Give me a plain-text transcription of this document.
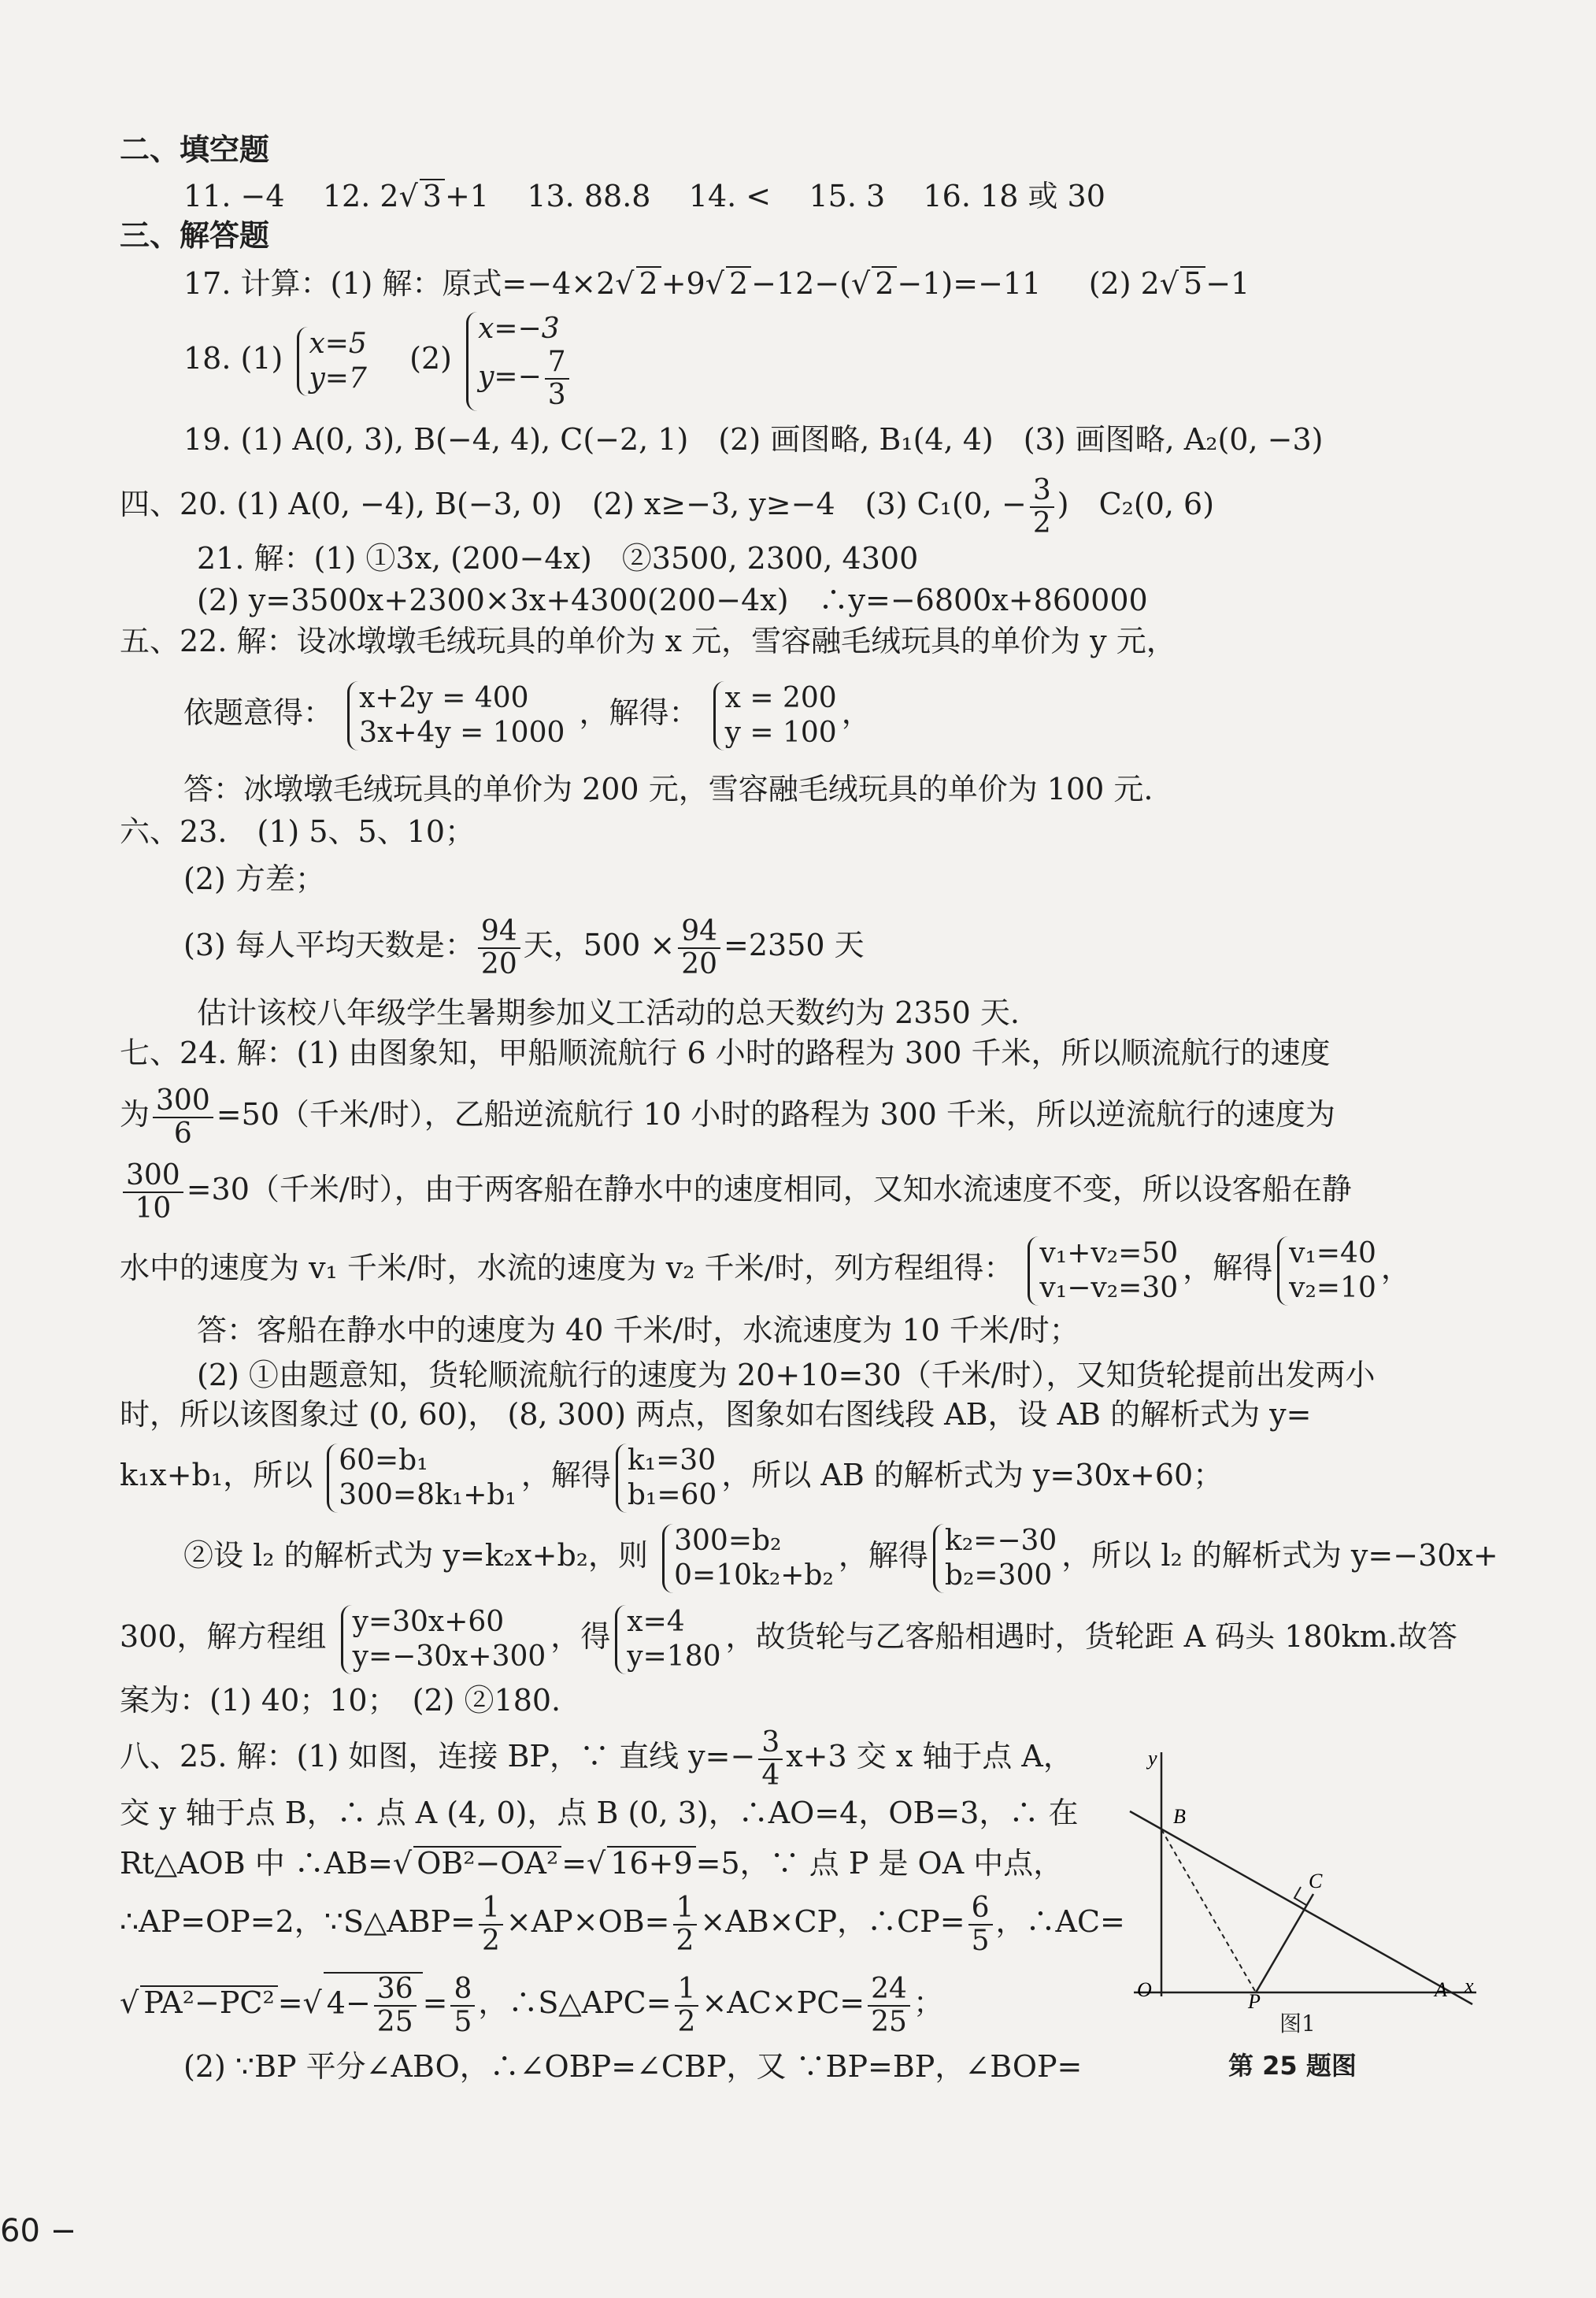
二、填空题
11. −4 12. 2√ 3 +1 13. 88.8 14. < 15. 3 16. 18 或 30
三、解答题
17. 计算：(1) 解：原式=−4×2√ 2 +9√ 2 −12−(√ 2 −1)=−11 (2) 2√ 5 −1
18. (1) x=5
y=7
(2)
x=−3
$y=- \frac{7}{3}$
19. (1) A(0, 3), B(−4, 4), C(−2, 1)　(2) 画图略, B₁(4, 4)　(3) 画图略, A₂(0, −3)
四、20. (1) A(0, −4), B(−3, 0)　(2) x≥−3, y≥−4　(3) C₁(0, − $\frac{3}{2}$ )　C₂(0, 6)
21. 解：(1) ①3x, (200−4x)　②3500, 2300, 4300
(2) y=3500x+2300×3x+4300(200−4x)　∴y=−6800x+860000
五、22. 解：设冰墩墩毛绒玩具的单价为 x 元，雪容融毛绒玩具的单价为 y 元，
依题意得： x+2y = 400
3x+4y = 1000
，解得： x = 200
y = 100
，
答：冰墩墩毛绒玩具的单价为 200 元，雪容融毛绒玩具的单价为 100 元.
六、23.　(1) 5、5、10；
(2) 方差；
(3) 每人平均天数是： $\frac{94}{20}$ 天，$500 \times \frac{94}{20} =2350$ 天
估计该校八年级学生暑期参加义工活动的总天数约为 2350 天.
七、24. 解：(1) 由图象知，甲船顺流航行 6 小时的路程为 300 千米，所以顺流航行的速度
为 $\frac{300}{6} =50$（千米/时），乙船逆流航行 10 小时的路程为 300 千米，所以逆流航行的速度为
$\frac{300}{10} =30$（千米/时），由于两客船在静水中的速度相同，又知水流速度不变，所以设客船在静
水中的速度为 v₁ 千米/时，水流的速度为 v₂ 千米/时，列方程组得： v₁+v₂=50
v₁−v₂=30
，解得 v₁=40
v₂=10
，
答：客船在静水中的速度为 40 千米/时，水流速度为 10 千米/时；
(2) ①由题意知，货轮顺流航行的速度为 20+10=30（千米/时），又知货轮提前出发两小
时，所以该图象过 (0, 60)， (8, 300) 两点，图象如右图线段 AB，设 AB 的解析式为 y=
k₁x+b₁，所以 60=b₁
300=8k₁+b₁
，解得 k₁=30
b₁=60
，所以 AB 的解析式为 y=30x+60；
②设 l₂ 的解析式为 y=k₂x+b₂，则 300=b₂
0=10k₂+b₂
，解得 k₂=−30
b₂=300
，所以 l₂ 的解析式为 y=−30x+
300，解方程组 y=30x+60
y=−30x+300
，得 x=4
y=180
，故货轮与乙客船相遇时，货轮距 A 码头 180km.故答
案为：(1) 40；10；　(2) ②180.
八、25. 解：(1) 如图，连接 BP，∵ 直线 $y=- \frac{3}{4} x+3$ 交 x 轴于点 A，
交 y 轴于点 B，∴ 点 A (4, 0)，点 B (0, 3)，∴AO=4，OB=3，∴ 在
Rt△AOB 中 ∴AB=√ OB²−OA² =√ 16+9 =5，∵ 点 P 是 OA 中点，
∴AP=OP=2，∵S△ABP= $\frac{1}{2} \times AP\times OB= \frac{1}{2} \times AB\times CP$，∴CP= $\frac{6}{5}$ ，∴AC=
√ PA²−PC² =√ $4- \frac{36}{25} = \frac{8}{5}$ ，∴S△APC= $\frac{1}{2} \times AC\times PC= \frac{24}{25}$ ；
(2) ∵BP 平分∠ABO，∴∠OBP=∠CBP，又 ∵BP=BP，∠BOP=
y
x
O
B
C
P
A
图1
第 25 题图
60 −
